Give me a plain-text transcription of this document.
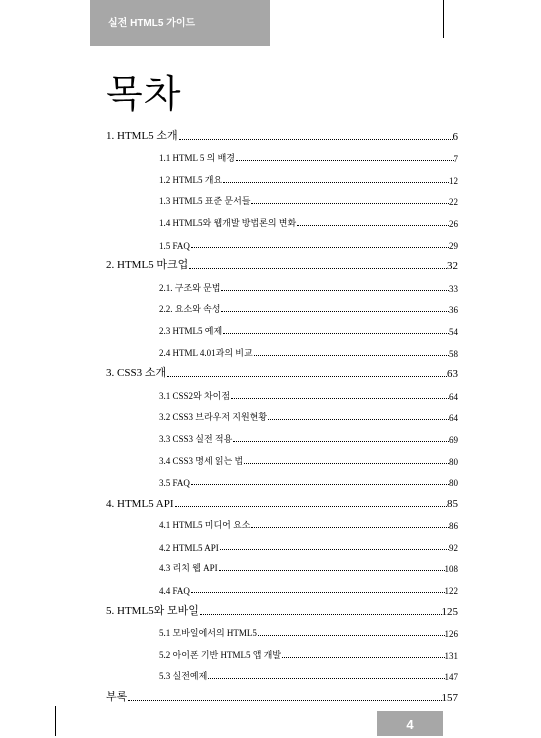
실전 HTML5 가이드
목차
1. HTML5 소개	6
1.1 HTML 5 의 배경	7
1.2 HTML5 개요	12
1.3 HTML5 표준 문서들	22
1.4 HTML5와 웹개발 방법론의 변화	26
1.5 FAQ	29
2. HTML5 마크업	32
2.1. 구조와 문법	33
2.2. 요소와 속성	36
2.3 HTML5 예제	54
2.4 HTML 4.01과의 비교	58
3. CSS3 소개	63
3.1 CSS2와 차이점	64
3.2 CSS3 브라우저 지원현황	64
3.3 CSS3 실전 적용	69
3.4 CSS3 명세 읽는 법	80
3.5 FAQ	80
4. HTML5 API	85
4.1 HTML5 미디어 요소	86
4.2 HTML5 API	92
4.3 리치 웹 API	108
4.4 FAQ	122
5. HTML5와 모바일	125
5.1 모바일에서의 HTML5	126
5.2 아이폰 기반 HTML5 앱 개발	131
5.3 실전예제	147
부록	157
4
